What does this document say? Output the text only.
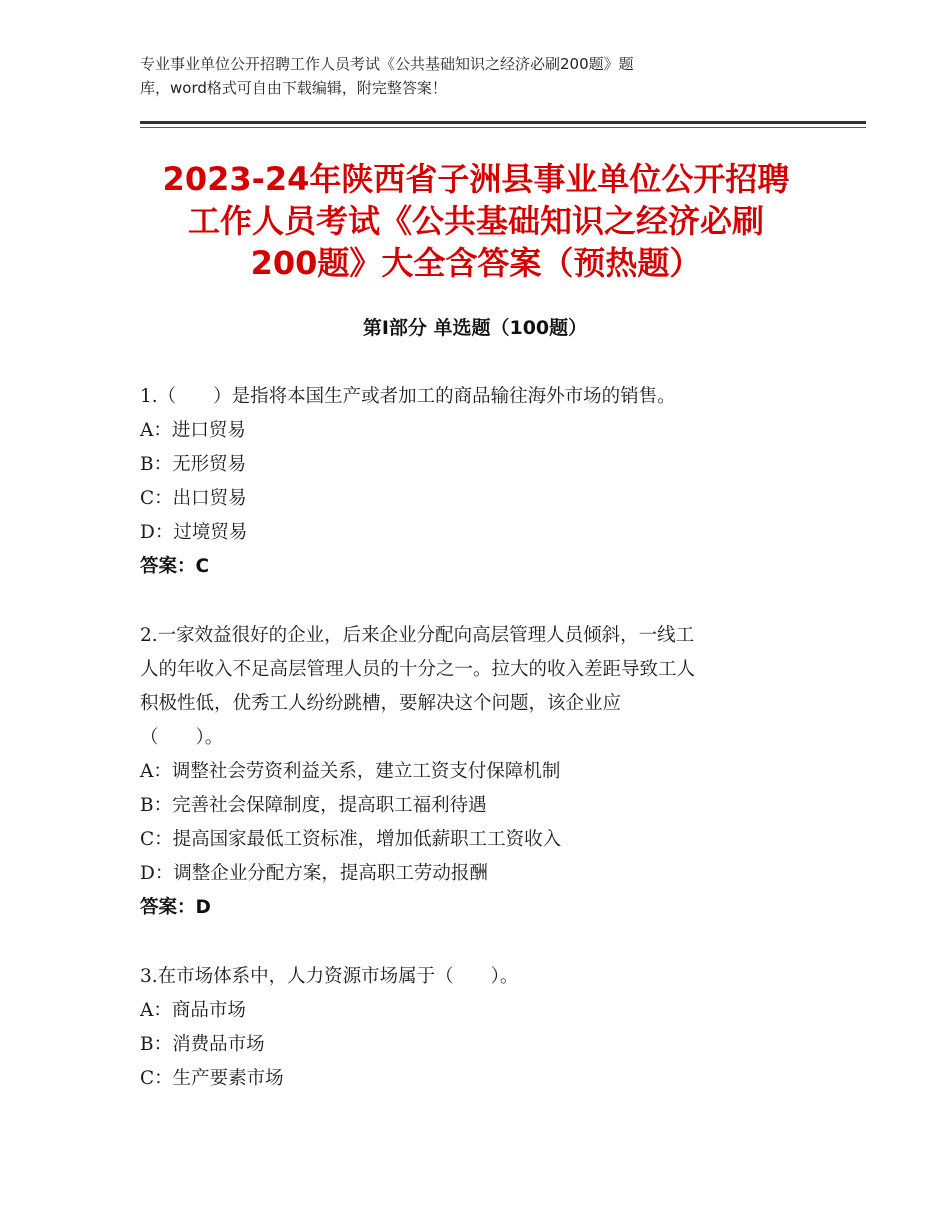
专业事业单位公开招聘工作人员考试《公共基础知识之经济必刷200题》题
库，word格式可自由下载编辑，附完整答案！
2023-24年陕西省子洲县事业单位公开招聘
工作人员考试《公共基础知识之经济必刷
200题》大全含答案（预热题）
第Ⅰ部分 单选题（100题）
1.（　　）是指将本国生产或者加工的商品输往海外市场的销售。
A：进口贸易
B：无形贸易
C：出口贸易
D：过境贸易
答案：C
2.一家效益很好的企业，后来企业分配向高层管理人员倾斜，一线工
人的年收入不足高层管理人员的十分之一。拉大的收入差距导致工人
积极性低，优秀工人纷纷跳槽，要解决这个问题，该企业应
（　　）。
A：调整社会劳资利益关系，建立工资支付保障机制
B：完善社会保障制度，提高职工福利待遇
C：提高国家最低工资标准，增加低薪职工工资收入
D：调整企业分配方案，提高职工劳动报酬
答案：D
3.在市场体系中，人力资源市场属于（　　）。
A：商品市场
B：消费品市场
C：生产要素市场
